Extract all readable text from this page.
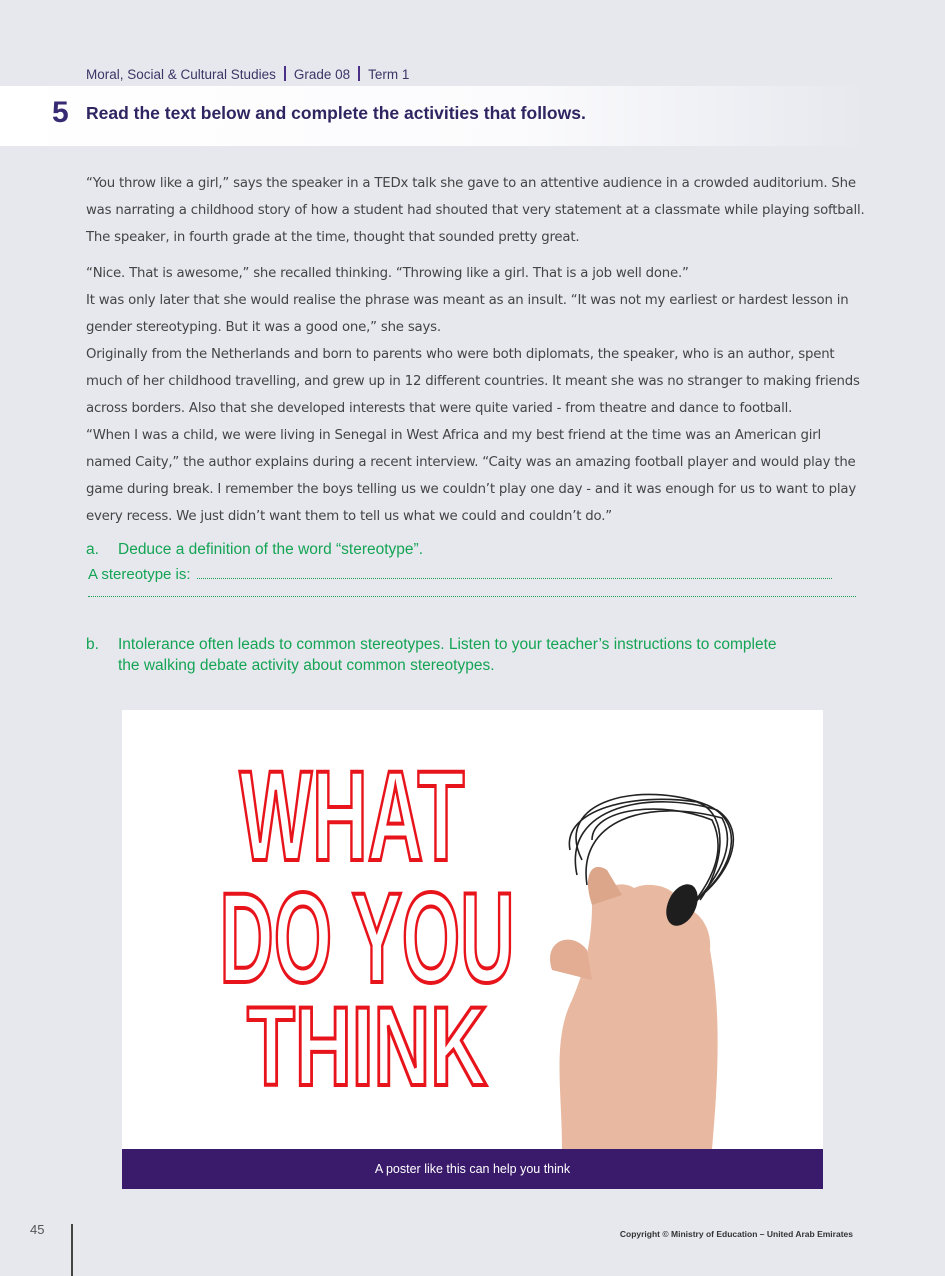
Moral, Social & Cultural Studies Grade 08 Term 1
5 Read the text below and complete the activities that follows.

“You throw like a girl,” says the speaker in a TEDx talk she gave to an attentive audience in a crowded auditorium. She was narrating a childhood story of how a student had shouted that very statement at a classmate while playing softball. The speaker, in fourth grade at the time, thought that sounded pretty great.

“Nice. That is awesome,” she recalled thinking. “Throwing like a girl. That is a job well done.”

It was only later that she would realise the phrase was meant as an insult. “It was not my earliest or hardest lesson in gender stereotyping. But it was a good one,” she says.

Originally from the Netherlands and born to parents who were both diplomats, the speaker, who is an author, spent much of her childhood travelling, and grew up in 12 different countries. It meant she was no stranger to making friends across borders. Also that she developed interests that were quite varied - from theatre and dance to football.

“When I was a child, we were living in Senegal in West Africa and my best friend at the time was an American girl named Caity,” the author explains during a recent interview. “Caity was an amazing football player and would play the game during break. I remember the boys telling us we couldn’t play one day - and it was enough for us to want to play every recess. We just didn’t want them to tell us what we could and couldn’t do.”

a. Deduce a definition of the word “stereotype”.
A stereotype is:
b. Intolerance often leads to common stereotypes. Listen to your teacher’s instructions to complete
the walking debate activity about common stereotypes.
WHAT
DO YOU
THINK
A poster like this can help you think
45	Copyright © Ministry of Education – United Arab Emirates
